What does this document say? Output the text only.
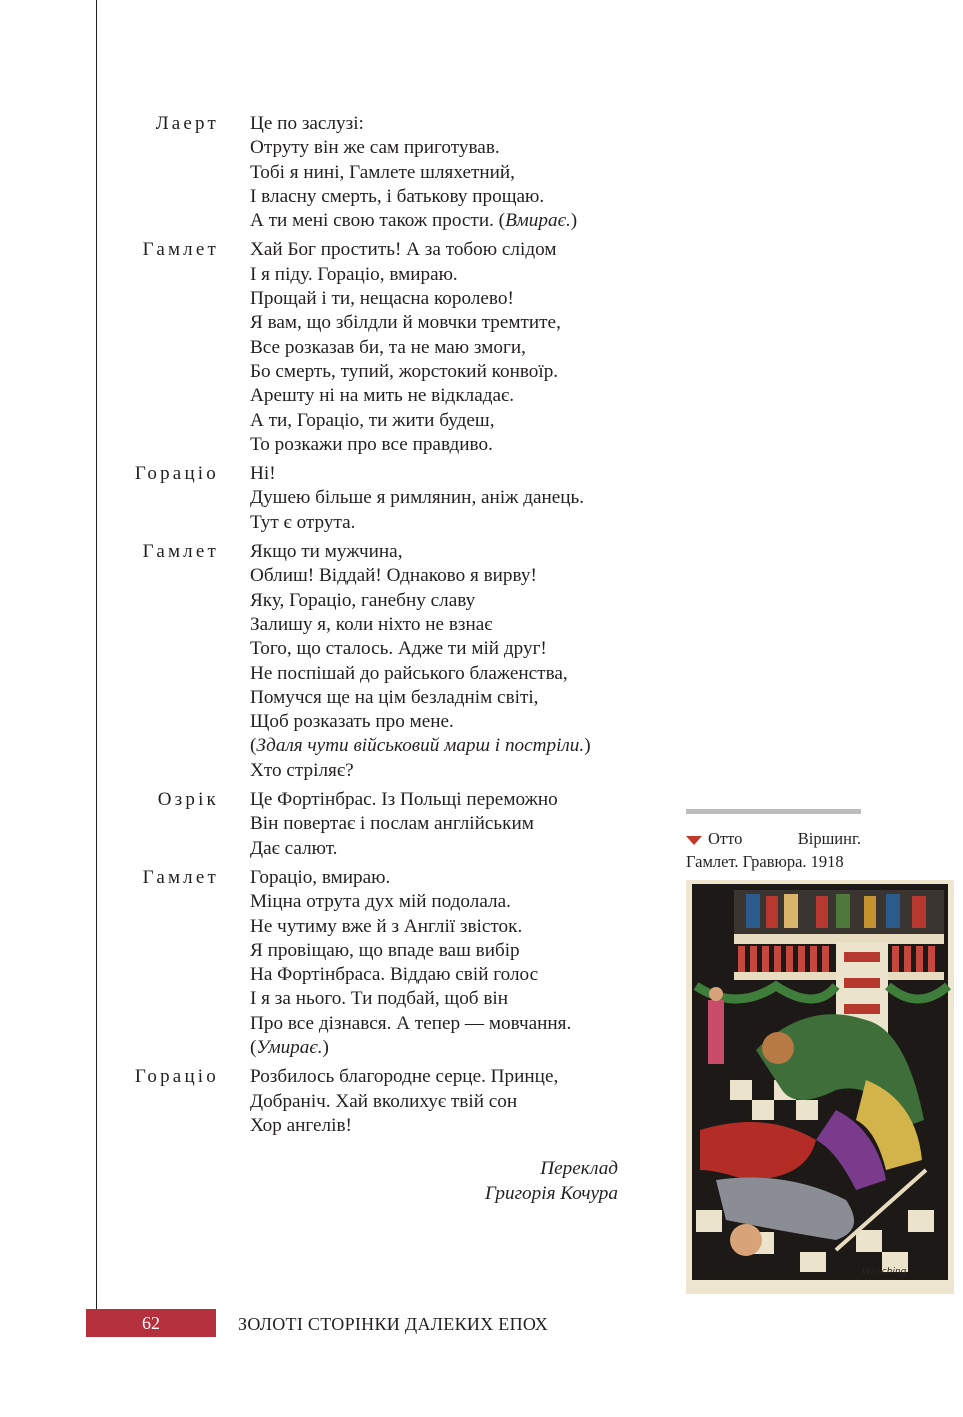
Лаерт	Це по заслузі:
Отруту він же сам приготував.
Тобі я нині, Гамлете шляхетний,
І власну смерть, і батькову прощаю.
А ти мені свою також прости. (Вмирає.)
Гамлет	Хай Бог простить! А за тобою слідом
І я піду. Гораціо, вмираю.
Прощай і ти, нещасна королево!
Я вам, що збілдли й мовчки тремтите,
Все розказав би, та не маю змоги,
Бо смерть, тупий, жорстокий конвоїр.
Арешту ні на мить не відкладає.
А ти, Гораціо, ти жити будеш,
То розкажи про все правдиво.
Гораціо	Ні!
Душею більше я римлянин, аніж данець.
Тут є отрута.
Гамлет	Якщо ти мужчина,
Облиш! Віддай! Однаково я вирву!
Яку, Гораціо, ганебну славу
Залишу я, коли ніхто не взнає
Того, що сталось. Адже ти мій друг!
Не поспішай до райського блаженства,
Помучся ще на цім безладнім світі,
Щоб розказать про мене.
(Здаля чути військовий марш і постріли.)
Хто стріляє?
Озрік	Це Фортінбрас. Із Польщі переможно
Він повертає і послам англійським
Дає салют.
Гамлет	Гораціо, вмираю.
Міцна отрута дух мій подолала.
Не чутиму вже й з Англії звісток.
Я провіщаю, що впаде ваш вибір
На Фортінбраса. Віддаю свій голос
І я за нього. Ти подбай, щоб він
Про все дізнався. А тепер — мовчання.
(Умирає.)
Гораціо	Розбилось благородне серце. Принце,
Добраніч. Хай вколихує твій сон
Хор ангелів!
Переклад
Григорія Кочура
Отто	Віршинг.
Гамлет. Гравюра. 1918
Wirsching
62	ЗОЛОТІ СТОРІНКИ ДАЛЕКИХ ЕПОХ
